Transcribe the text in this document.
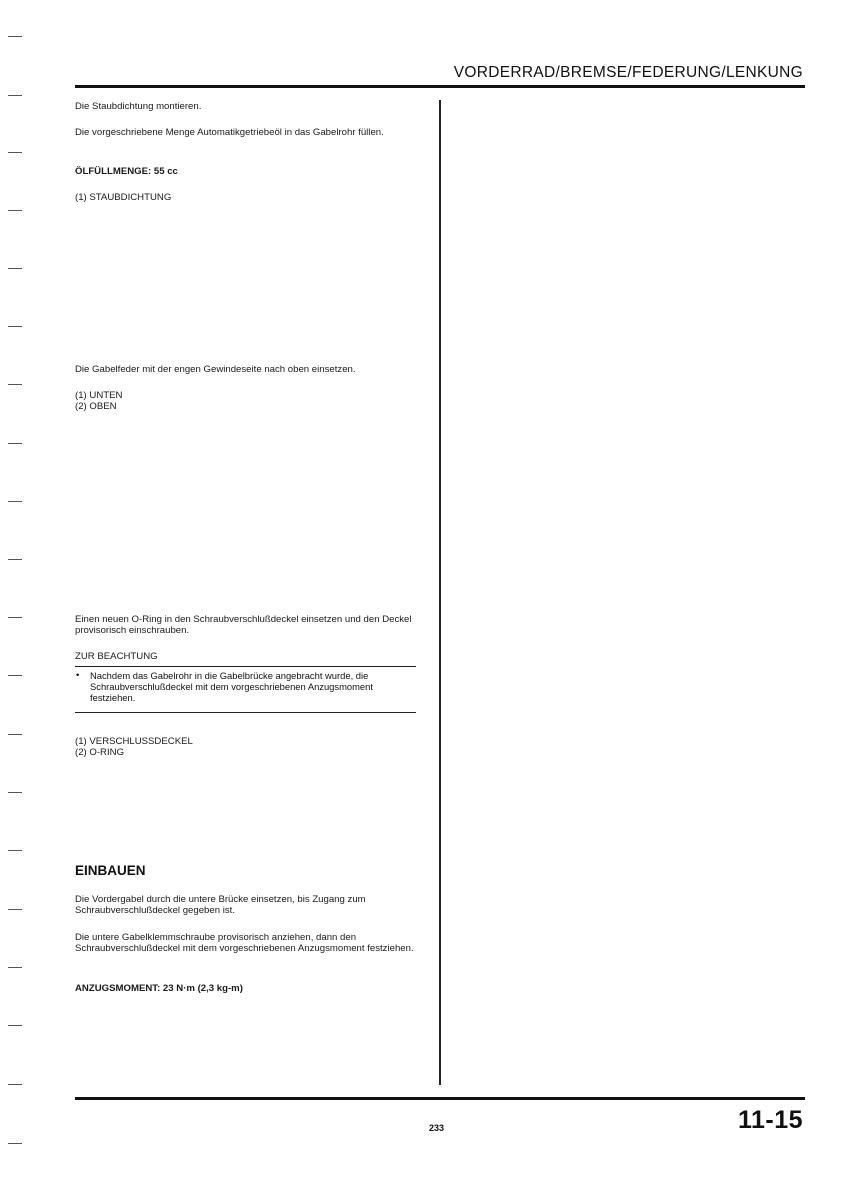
VORDERRAD/BREMSE/FEDERUNG/LENKUNG
Die Staubdichtung montieren.
Die vorgeschriebene Menge Automatikgetriebeöl in das Gabelrohr füllen.
ÖLFÜLLMENGE: 55 cc
(1) STAUBDICHTUNG
Die Gabelfeder mit der engen Gewindeseite nach oben einsetzen.
(1) UNTEN
(2) OBEN
Einen neuen O-Ring in den Schraubverschlußdeckel einsetzen und den Deckel provisorisch einschrauben.
ZUR BEACHTUNG
• Nachdem das Gabelrohr in die Gabelbrücke angebracht wurde, die Schraubverschlußdeckel mit dem vorgeschriebenen Anzugsmoment festziehen.
(1) VERSCHLUSSDECKEL
(2) O-RING
EINBAUEN
Die Vordergabel durch die untere Brücke einsetzen, bis Zugang zum Schraubverschlußdeckel gegeben ist.
Die untere Gabelklemmschraube provisorisch anziehen, dann den Schraubverschlußdeckel mit dem vorgeschriebenen Anzugsmoment festziehen.
ANZUGSMOMENT: 23 N·m (2,3 kg-m)
233	11-15
